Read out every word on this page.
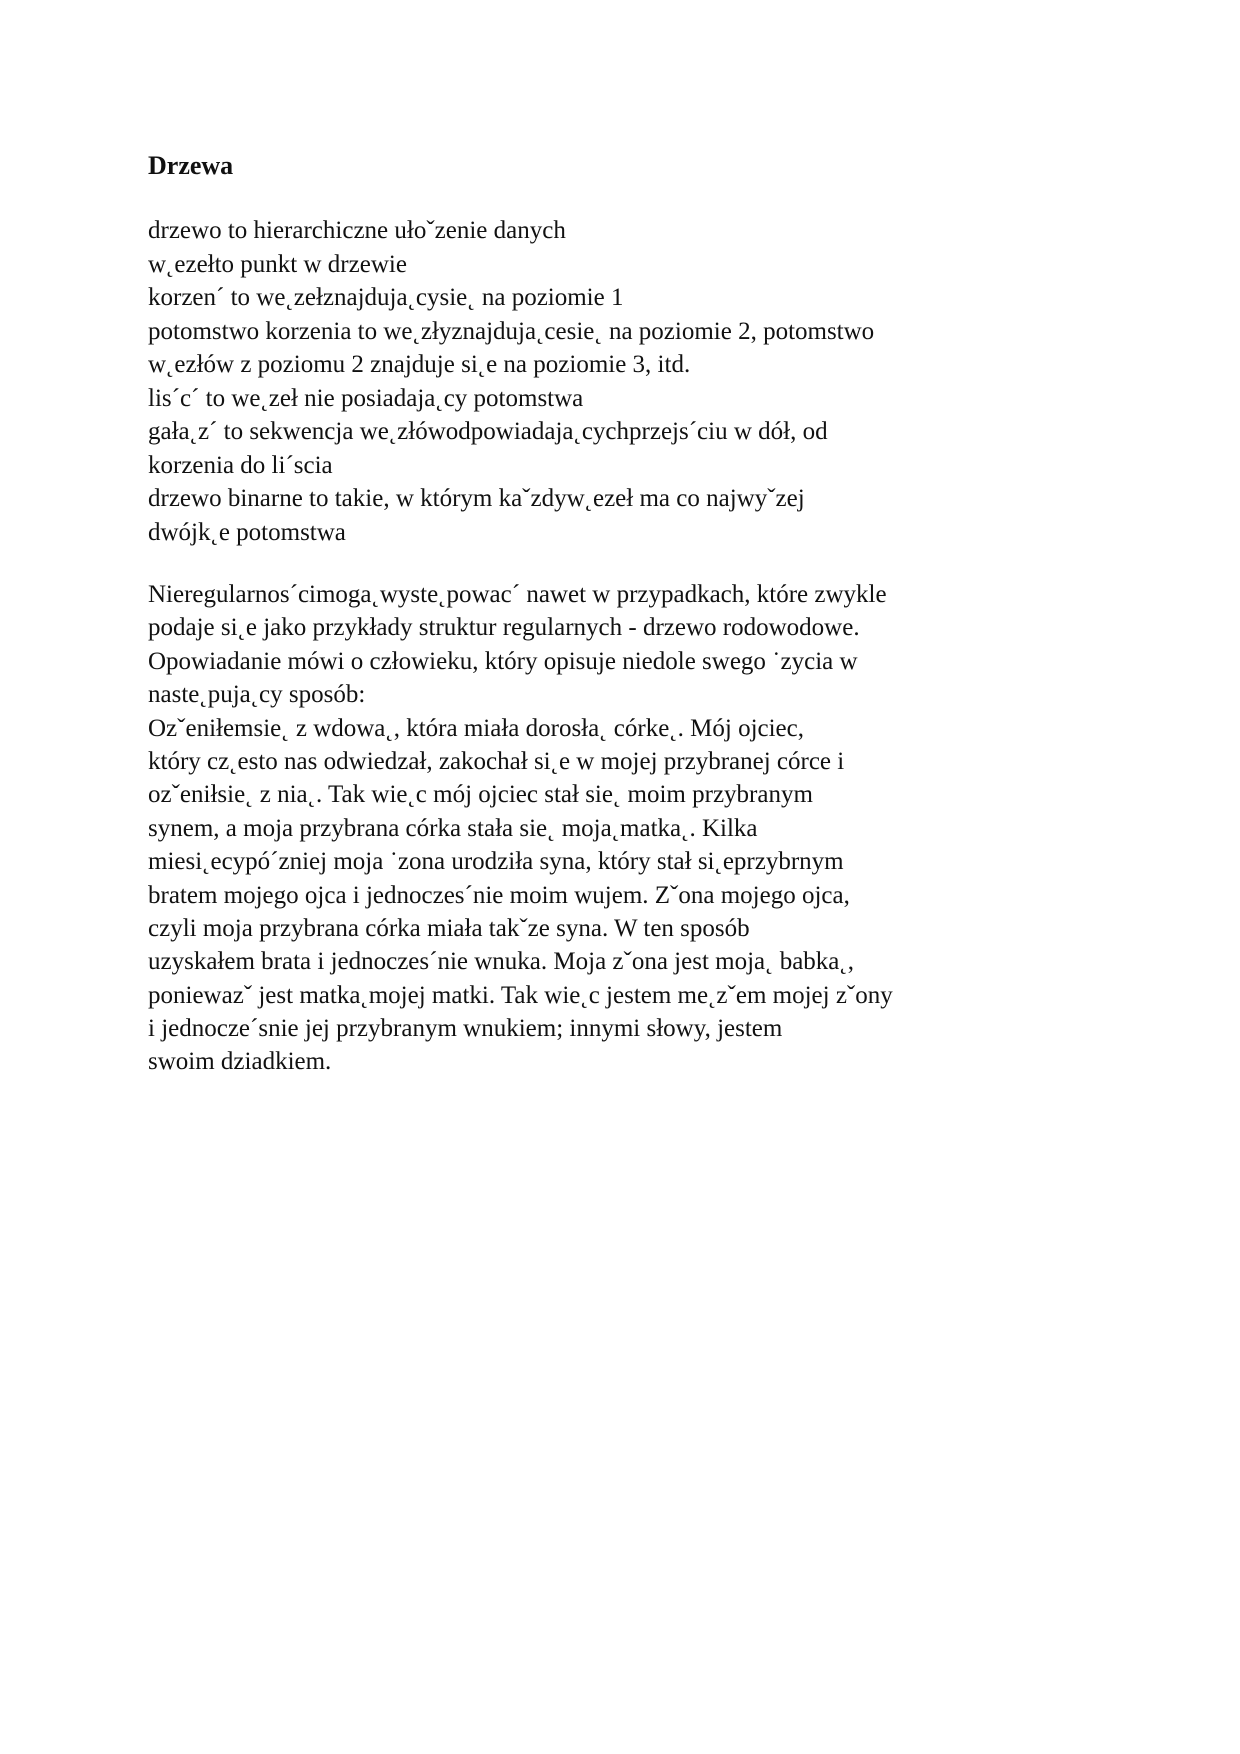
Drzewa
drzewo to hierarchiczne ułoˇzenie danych
w˛ezełto punkt w drzewie
korzen´ to we˛zełznajduja˛cysie˛ na poziomie 1
potomstwo korzenia to we˛złyznajduja˛cesie˛ na poziomie 2, potomstwo
w˛ezłów z poziomu 2 znajduje si˛e na poziomie 3, itd.
lis´c´ to we˛zeł nie posiadaja˛cy potomstwa
gała˛z´ to sekwencja we˛złówodpowiadaja˛cychprzejs´ciu w dół, od
korzenia do li´scia
drzewo binarne to takie, w którym kaˇzdyw˛ezeł ma co najwyˇzej
dwójk˛e potomstwa
Nieregularnos´cimoga˛wyste˛powac´ nawet w przypadkach, które zwykle
podaje si˛e jako przykłady struktur regularnych - drzewo rodowodowe.
Opowiadanie mówi o człowieku, który opisuje niedole swego ˙zycia w
naste˛puja˛cy sposób:
Ozˇeniłemsie˛ z wdowa˛, która miała dorosła˛ córke˛. Mój ojciec,
który cz˛esto nas odwiedzał, zakochał si˛e w mojej przybranej córce i
ozˇeniłsie˛ z nia˛. Tak wie˛c mój ojciec stał sie˛ moim przybranym
synem, a moja przybrana córka stała sie˛ moja˛matka˛. Kilka
miesi˛ecypó´zniej moja ˙zona urodziła syna, który stał si˛eprzybrnym
bratem mojego ojca i jednoczes´nie moim wujem. Zˇona mojego ojca,
czyli moja przybrana córka miała takˇze syna. W ten sposób
uzyskałem brata i jednoczes´nie wnuka. Moja zˇona jest moja˛ babka˛,
poniewazˇ jest matka˛mojej matki. Tak wie˛c jestem me˛zˇem mojej zˇony
i jednocze´snie jej przybranym wnukiem; innymi słowy, jestem
swoim dziadkiem.
